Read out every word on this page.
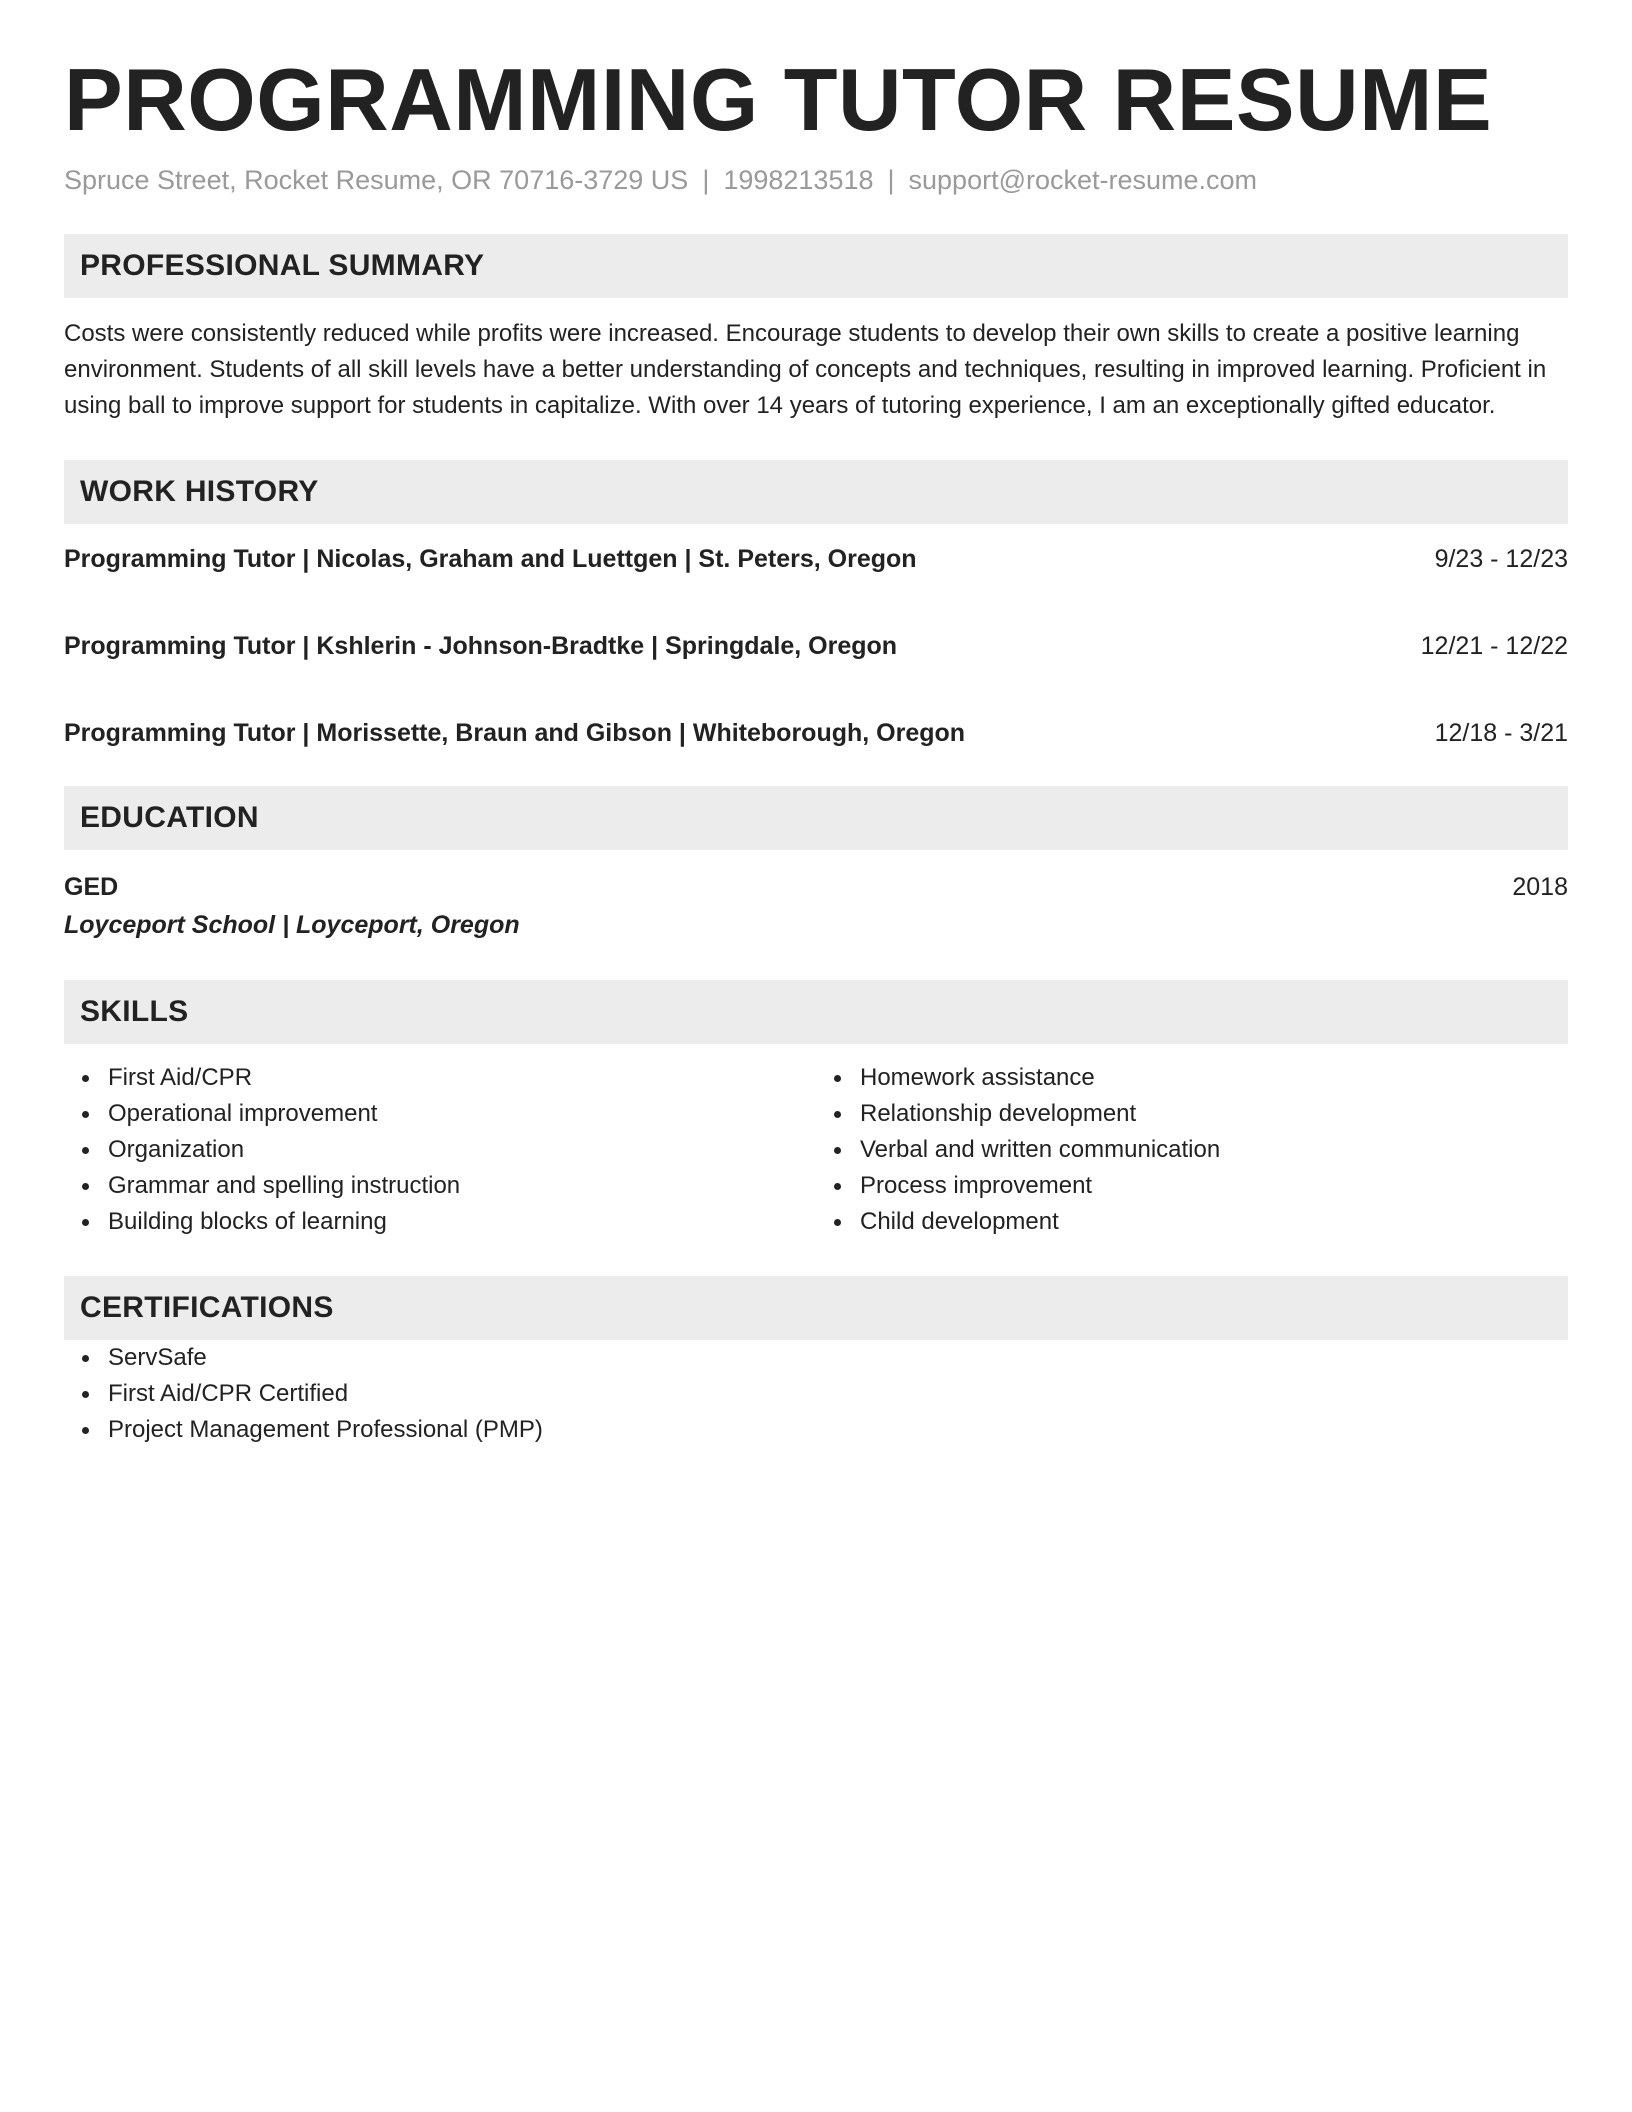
PROGRAMMING TUTOR RESUME
Spruce Street, Rocket Resume, OR 70716-3729 US | 1998213518 | support@rocket-resume.com
PROFESSIONAL SUMMARY
Costs were consistently reduced while profits were increased. Encourage students to develop their own skills to create a positive learning environment. Students of all skill levels have a better understanding of concepts and techniques, resulting in improved learning. Proficient in using ball to improve support for students in capitalize. With over 14 years of tutoring experience, I am an exceptionally gifted educator.
WORK HISTORY
Programming Tutor | Nicolas, Graham and Luettgen | St. Peters, Oregon	9/23 - 12/23
Programming Tutor | Kshlerin - Johnson-Bradtke | Springdale, Oregon	12/21 - 12/22
Programming Tutor | Morissette, Braun and Gibson | Whiteborough, Oregon	12/18 - 3/21
EDUCATION
GED	2018
Loyceport School | Loyceport, Oregon
SKILLS
First Aid/CPR
Operational improvement
Organization
Grammar and spelling instruction
Building blocks of learning
Homework assistance
Relationship development
Verbal and written communication
Process improvement
Child development
CERTIFICATIONS
ServSafe
First Aid/CPR Certified
Project Management Professional (PMP)
